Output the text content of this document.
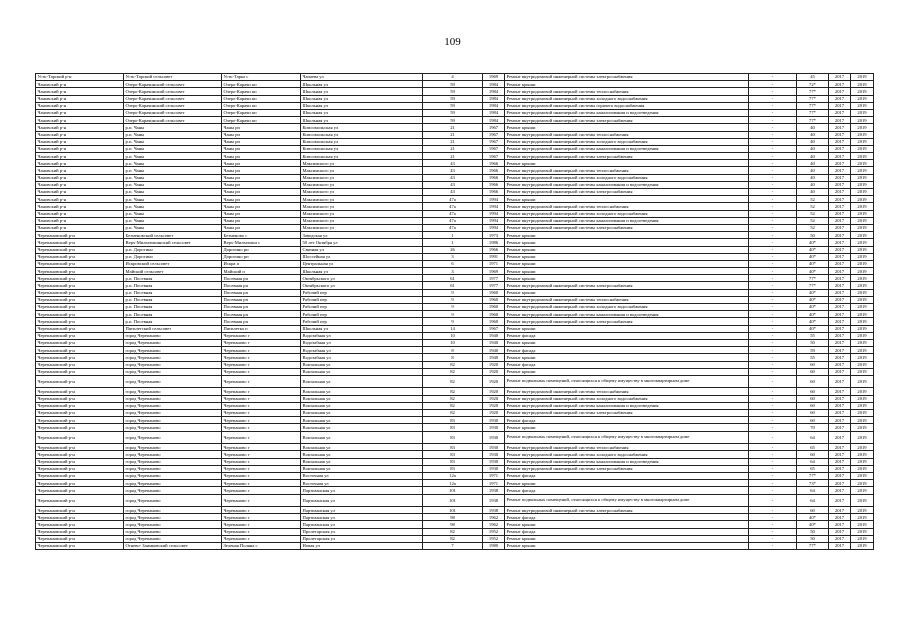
109
Усть-Тарский р-н	Усть-Тарский сельсовет	Усть-Тарка с	Чапаева ул	4	1969	Ремонт внутридомовой инженерной системы электроснабжения	-	45	2017	2019
Чановский р-н	Озеро-Карачинский сельсовет	Озеро-Карачи кп	Школьная ул	59	1984	Ремонт крыши	-	72*	2017	2019
Чановский р-н	Озеро-Карачинский сельсовет	Озеро-Карачи кп	Школьная ул	59	1984	Ремонт внутридомовой инженерной системы теплоснабжения	-	77*	2017	2019
Чановский р-н	Озеро-Карачинский сельсовет	Озеро-Карачи кп	Школьная ул	59	1984	Ремонт внутридомовой инженерной системы холодного водоснабжения	-	77*	2017	2019
Чановский р-н	Озеро-Карачинский сельсовет	Озеро-Карачи кп	Школьная ул	59	1984	Ремонт внутридомовой инженерной системы горячего водоснабжения	-	77*	2017	2019
Чановский р-н	Озеро-Карачинский сельсовет	Озеро-Карачи кп	Школьная ул	59	1984	Ремонт внутридомовой инженерной системы канализования и водоотведения	-	77*	2017	2019
Чановский р-н	Озеро-Карачинский сельсовет	Озеро-Карачи кп	Школьная ул	59	1984	Ремонт внутридомовой инженерной системы электроснабжения	-	77*	2017	2019
Чановский р-н	р.п. Чаны	Чаны рп	Комсомольская ул	21	1967	Ремонт крыши	-	40	2017	2019
Чановский р-н	р.п. Чаны	Чаны рп	Комсомольская ул	21	1967	Ремонт внутридомовой инженерной системы теплоснабжения	-	40	2017	2019
Чановский р-н	р.п. Чаны	Чаны рп	Комсомольская ул	21	1967	Ремонт внутридомовой инженерной системы холодного водоснабжения	-	40	2017	2019
Чановский р-н	р.п. Чаны	Чаны рп	Комсомольская ул	21	1967	Ремонт внутридомовой инженерной системы канализования и водоотведения	-	40	2017	2019
Чановский р-н	р.п. Чаны	Чаны рп	Комсомольская ул	21	1967	Ремонт внутридомовой инженерной системы электроснабжения	-	40	2017	2019
Чановский р-н	р.п. Чаны	Чаны рп	Максимского ул	43	1966	Ремонт крыши	-	40	2017	2019
Чановский р-н	р.п. Чаны	Чаны рп	Максимского ул	43	1966	Ремонт внутридомовой инженерной системы теплоснабжения	-	40	2017	2019
Чановский р-н	р.п. Чаны	Чаны рп	Максимского ул	43	1966	Ремонт внутридомовой инженерной системы холодного водоснабжения	-	40	2017	2019
Чановский р-н	р.п. Чаны	Чаны рп	Максимского ул	43	1966	Ремонт внутридомовой инженерной системы канализования и водоотведения	-	40	2017	2019
Чановский р-н	р.п. Чаны	Чаны рп	Максимского ул	43	1966	Ремонт внутридомовой инженерной системы электроснабжения	-	40	2017	2019
Чановский р-н	р.п. Чаны	Чаны рп	Максимского ул	47а	1994	Ремонт крыши	-	52	2017	2019
Чановский р-н	р.п. Чаны	Чаны рп	Максимского ул	47а	1994	Ремонт внутридомовой инженерной системы теплоснабжения	-	52	2017	2019
Чановский р-н	р.п. Чаны	Чаны рп	Максимского ул	47а	1994	Ремонт внутридомовой инженерной системы холодного водоснабжения	-	52	2017	2019
Чановский р-н	р.п. Чаны	Чаны рп	Максимского ул	47а	1994	Ремонт внутридомовой инженерной системы канализования и водоотведения	-	52	2017	2019
Чановский р-н	р.п. Чаны	Чаны рп	Максимского ул	47а	1994	Ремонт внутридомовой инженерной системы электроснабжения	-	52	2017	2019
Черепановский р-н	Безменовский сельсовет	Безменово с	Заводская ул	1	1973	Ремонт крыши	-	50	2017	2019
Черепановский р-н	Верх-Мильтюшинский сельсовет	Верх-Мильтюши с	50 лет Октября ул	1	1986	Ремонт крыши	-	40*	2017	2019
Черепановский р-н	р.п. Дорогино	Дорогино рп	Связная ул	26	1966	Ремонт крыши	-	40*	2017	2019
Черепановский р-н	р.п. Дорогино	Дорогино рп	Шоссейная ул	3	1991	Ремонт крыши	-	40*	2017	2019
Черепановский р-н	Искровский сельсовет	Искра п	Центральная ул	6	1971	Ремонт крыши	-	40*	2017	2019
Черепановский р-н	Майский сельсовет	Майский п	Школьная ул	3	1969	Ремонт крыши	-	40*	2017	2019
Черепановский р-н	р.п. Посевная	Посевная рп	Октябрьского ул	61	1977	Ремонт крыши	-	77*	2017	2019
Черепановский р-н	р.п. Посевная	Посевная рп	Октябрьского ул	61	1977	Ремонт внутридомовой инженерной системы электроснабжения	-	77*	2017	2019
Черепановский р-н	р.п. Посевная	Посевная рп	Рабочий пер	9	1960	Ремонт крыши	-	40*	2017	2019
Черепановский р-н	р.п. Посевная	Посевная рп	Рабочий пер	9	1960	Ремонт внутридомовой инженерной системы теплоснабжения	-	40*	2017	2019
Черепановский р-н	р.п. Посевная	Посевная рп	Рабочий пер	9	1960	Ремонт внутридомовой инженерной системы холодного водоснабжения	-	40*	2017	2019
Черепановский р-н	р.п. Посевная	Посевная рп	Рабочий пер	9	1960	Ремонт внутридомовой инженерной системы канализования и водоотведения	-	40*	2017	2019
Черепановский р-н	р.п. Посевная	Посевная рп	Рабочий пер	9	1960	Ремонт внутридомовой инженерной системы электроснабжения	-	40*	2017	2019
Черепановский р-н	Пятилетский сельсовет	Пятилетка п	Школьная ул	14	1967	Ремонт крыши	-	40*	2017	2019
Черепановский р-н	город Черепаново	Черепаново г	Водозабная ул	10	1940	Ремонт фасада	-	55	2017	2019
Черепановский р-н	город Черепаново	Черепаново г	Водозабная ул	10	1940	Ремонт крыши	-	50	2017	2019
Черепановский р-н	город Черепаново	Черепаново г	Водозабная ул	8	1940	Ремонт фасада	-	59	2017	2019
Черепановский р-н	город Черепаново	Черепаново г	Водозабная ул	8	1940	Ремонт крыши	-	55	2017	2019
Черепановский р-н	город Черепаново	Черепаново г	Вокзальная ул	82	1920	Ремонт фасада	-	60	2017	2019
Черепановский р-н	город Черепаново	Черепаново г	Вокзальная ул	82	1920	Ремонт крыши	-	60	2017	2019
Черепановский р-н	город Черепаново	Черепаново г	Вокзальная ул	82	1920	Ремонт подвальных помещений, относящихся к общему имуществу в многоквартирном доме	-	60	2017	2019
Черепановский р-н	город Черепаново	Черепаново г	Вокзальная ул	82	1920	Ремонт внутридомовой инженерной системы теплоснабжения	-	60	2017	2019
Черепановский р-н	город Черепаново	Черепаново г	Вокзальная ул	82	1920	Ремонт внутридомовой инженерной системы холодного водоснабжения	-	60	2017	2019
Черепановский р-н	город Черепаново	Черепаново г	Вокзальная ул	82	1920	Ремонт внутридомовой инженерной системы канализования и водоотведения	-	60	2017	2019
Черепановский р-н	город Черепаново	Черепаново г	Вокзальная ул	82	1920	Ремонт внутридомовой инженерной системы электроснабжения	-	60	2017	2019
Черепановский р-н	город Черепаново	Черепаново г	Вокзальная ул	83	1930	Ремонт фасада	-	60	2017	2019
Черепановский р-н	город Черепаново	Черепаново г	Вокзальная ул	83	1930	Ремонт крыши	-	70	2017	2019
Черепановский р-н	город Черепаново	Черепаново г	Вокзальная ул	83	1930	Ремонт подвальных помещений, относящихся к общему имуществу в многоквартирном доме	-	64	2017	2019
Черепановский р-н	город Черепаново	Черепаново г	Вокзальная ул	83	1930	Ремонт внутридомовой инженерной системы теплоснабжения	-	65	2017	2019
Черепановский р-н	город Черепаново	Черепаново г	Вокзальная ул	83	1930	Ремонт внутридомовой инженерной системы холодного водоснабжения	-	60	2017	2019
Черепановский р-н	город Черепаново	Черепаново г	Вокзальная ул	83	1930	Ремонт внутридомовой инженерной системы канализования и водоотведения	-	64	2017	2019
Черепановский р-н	город Черепаново	Черепаново г	Вокзальная ул	83	1930	Ремонт внутридомовой инженерной системы электроснабжения	-	65	2017	2019
Черепановский р-н	город Черепаново	Черепаново г	Восточная ул	12а	1971	Ремонт фасада	-	77*	2017	2019
Черепановский р-н	город Черепаново	Черепаново г	Восточная ул	12а	1971	Ремонт крыши	-	73*	2017	2019
Черепановский р-н	город Черепаново	Черепаново г	Партизанская ул	101	1938	Ремонт фасада	-	64	2017	2019
Черепановский р-н	город Черепаново	Черепаново г	Партизанская ул	101	1938	Ремонт подвальных помещений, относящихся к общему имуществу в многоквартирном доме	-	64	2017	2019
Черепановский р-н	город Черепаново	Черепаново г	Партизанская ул	101	1938	Ремонт внутридомовой инженерной системы электроснабжения	-	60	2017	2019
Черепановский р-н	город Черепаново	Черепаново г	Партизанская ул	98	1962	Ремонт фасада	-	40*	2017	2019
Черепановский р-н	город Черепаново	Черепаново г	Партизанская ул	98	1962	Ремонт крыши	-	40*	2017	2019
Черепановский р-н	город Черепаново	Черепаново г	Пролетарская ул	82	1952	Ремонт фасада	-	50	2017	2019
Черепановский р-н	город Черепаново	Черепаново г	Пролетарская ул	82	1952	Ремонт крыши	-	50	2017	2019
Черепановский р-н	Огнево- Заимковский сельсовет	Зеленая Поляна с	Новая ул	7	1980	Ремонт крыши	-	77*	2017	2019
